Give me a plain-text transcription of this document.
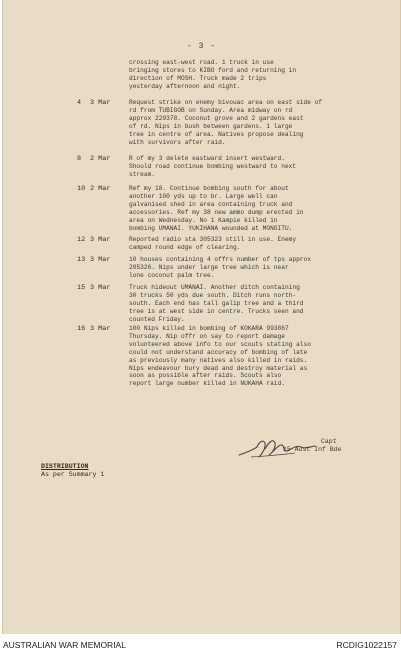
- 3 -
crossing east-west road. 1 truck in use
bringing stores to KIBO ford and returning in
direction of MOSH. Truck made 2 trips
yesterday afternoon and night.
4 3 Mar	Request strike on enemy bivouac area on east side of
rd from TUBIGOB on Sunday. Area midway on rd
approx 229378. Coconut grove and 2 gardens east
of rd. Nips in bush between gardens. 1 large
tree in centre of area. Natives propose dealing
with survivors after raid.
8 2 Mar	R of my 3 delete eastward insert westward.
Should road continue bombing westward to next
stream.
10 2 Mar	Ref my 18. Continue bombing south for about
another 100 yds up to br. Large well can
galvanised shed in area containing truck and
accessories. Ref my 38 new ammo dump erected in
area on Wednesday. No 1 Kampie killed in
bombing UMANAI. YUKIHANA wounded at MONOITU.
12 3 Mar	Reported radio sta 305323 still in use. Enemy
camped round edge of clearing.
13 3 Mar	10 houses containing 4 offrs number of tps approx
205326. Nips under large tree which is near
lone coconut palm tree.
15 3 Mar	Truck hideout UMANAI. Another ditch containing
30 trucks 50 yds due south. Ditch runs north-
south. Each end has tall galip tree and a third
tree is at west side in centre. Trucks seen and
counted Friday.
16 3 Mar	100 Nips killed in bombing of KOKARA 993867
Thursday. Nip offr on say to report damage
volunteered above info to our scouts stating also
could not understand accuracy of bombing of late
as previously many natives also killed in raids.
Nips endeavour bury dead and destroy material as
soon as possible after raids. Scouts also
report large number killed in NUKAHA raid.
Capt
15 Aust Inf Bde
DISTRIBUTION
As per Summary 1
AUSTRALIAN WAR MEMORIAL	RCDIG1022157
